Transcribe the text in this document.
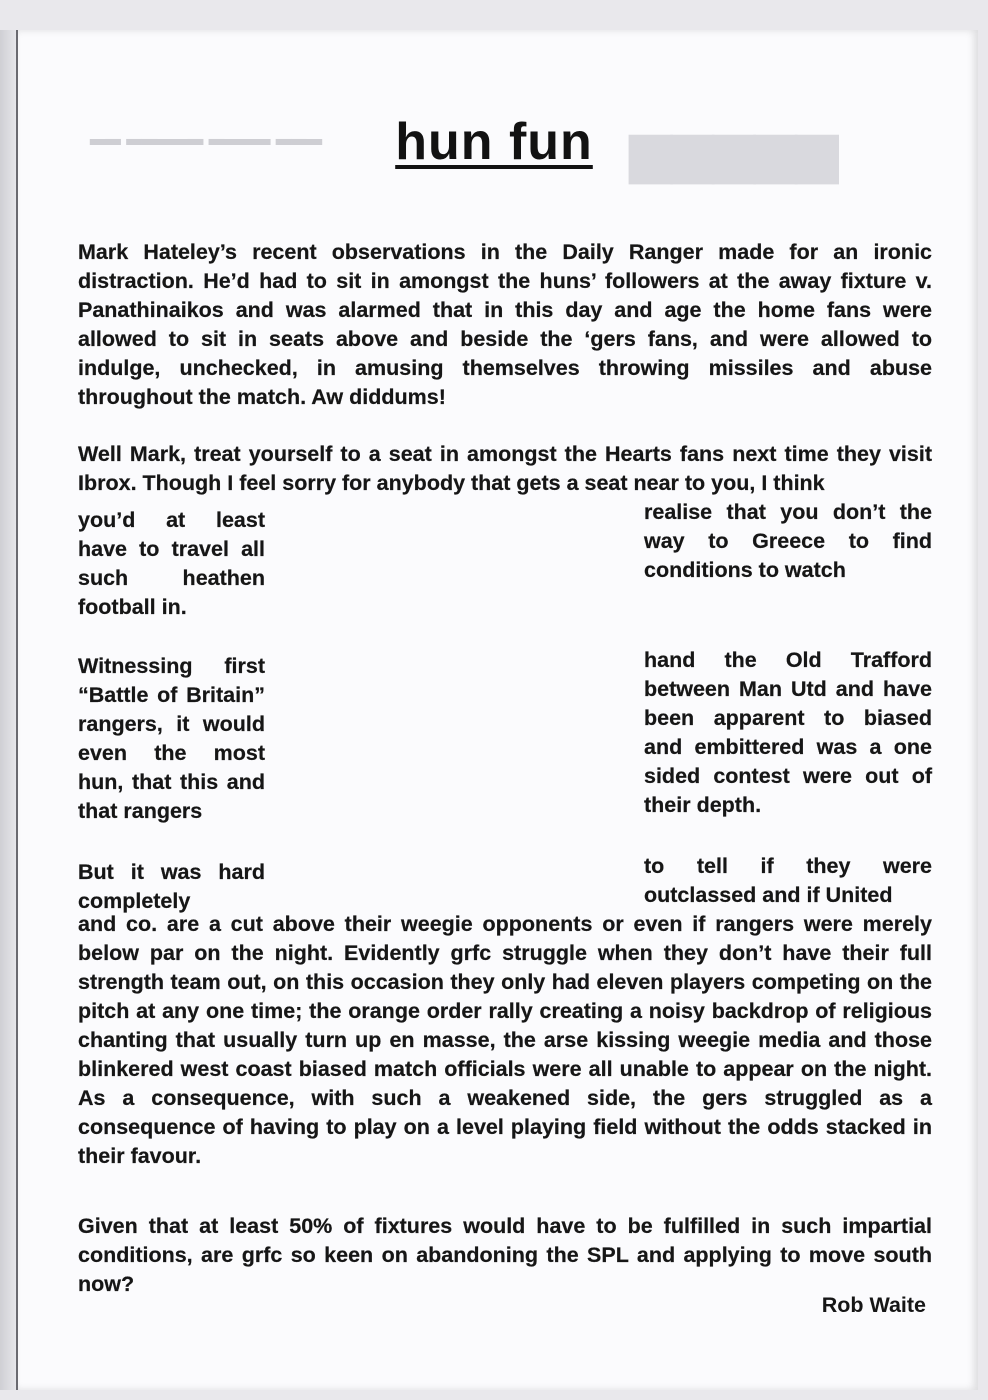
▆▆▆▆▆
▂▂▂ ▂▂▂▂ ▂▂▂▂▂ ▂▂	hun fun
Mark Hateley’s recent observations in the Daily Ranger made for an ironic distraction. He’d had to sit in amongst the huns’ followers at the away fixture v. Panathinaikos and was alarmed that in this day and age the home fans were allowed to sit in seats above and beside the ‘gers fans, and were allowed to indulge, unchecked, in amusing themselves throwing missiles and abuse throughout the match. Aw diddums!
Well Mark, treat yourself to a seat in amongst the Hearts fans next time they visit Ibrox. Though I feel sorry for anybody that gets a seat near to you, I think
you’d at least have to travel all such heathen football in.
realise that you don’t the way to Greece to find conditions to watch
Witnessing first “Battle of Britain” rangers, it would even the most hun, that this and that rangers
hand the Old Trafford between Man Utd and have been apparent to biased and embittered was a one sided contest were out of their depth.
But it was hard completely
to tell if they were outclassed and if United
and co. are a cut above their weegie opponents or even if rangers were merely below par on the night. Evidently grfc struggle when they don’t have their full strength team out, on this occasion they only had eleven players competing on the pitch at any one time; the orange order rally creating a noisy backdrop of religious chanting that usually turn up en masse, the arse kissing weegie media and those blinkered west coast biased match officials were all unable to appear on the night. As a consequence, with such a weakened side, the gers struggled as a consequence of having to play on a level playing field without the odds stacked in their favour.
Given that at least 50% of fixtures would have to be fulfilled in such impartial conditions, are grfc so keen on abandoning the SPL and applying to move south now?
Rob Waite
